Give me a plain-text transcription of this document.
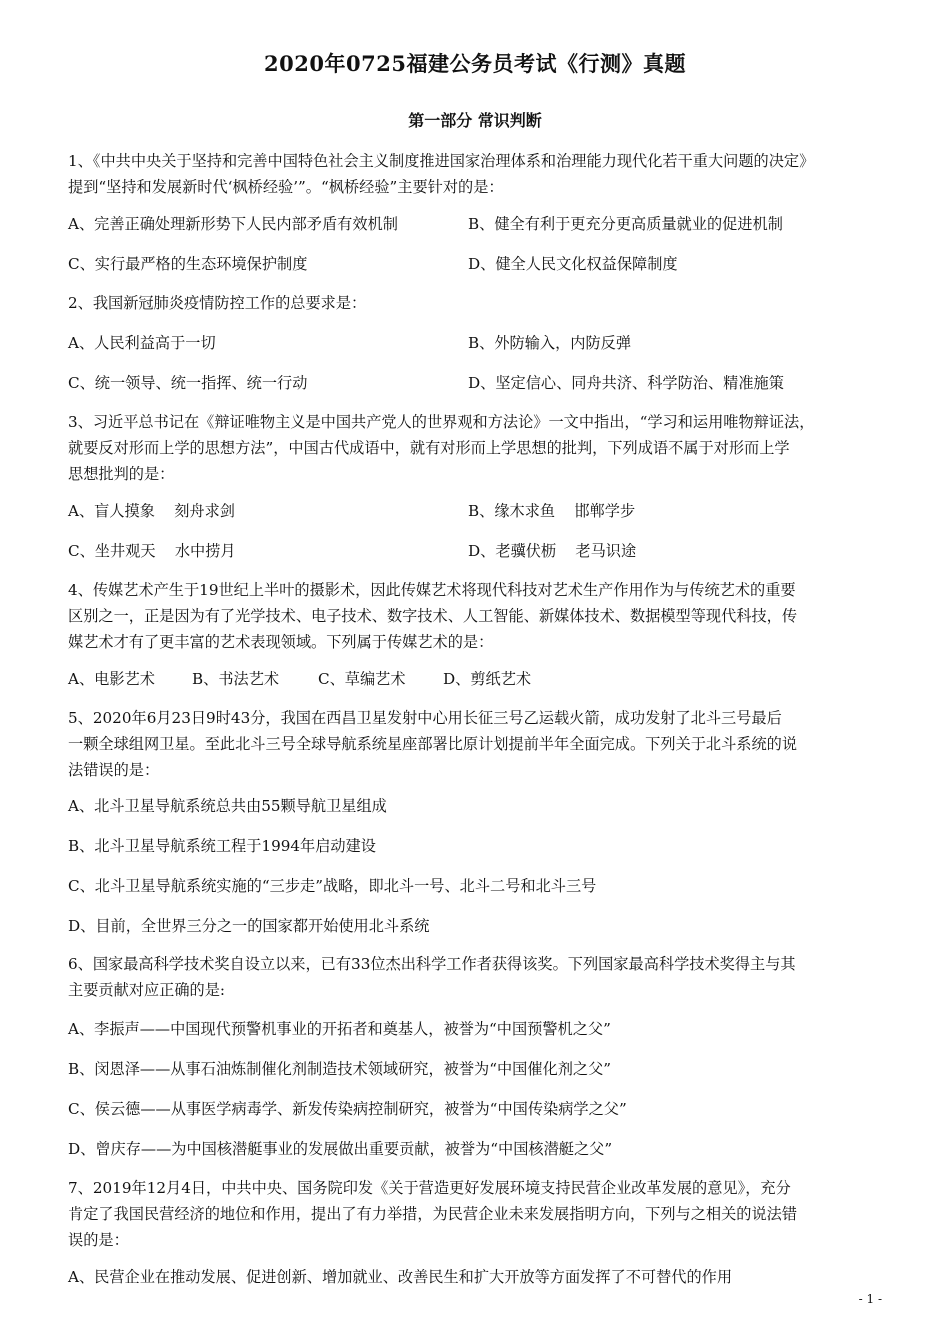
2020年0725福建公务员考试《行测》真题
第一部分 常识判断
1、《中共中央关于坚持和完善中国特色社会主义制度推进国家治理体系和治理能力现代化若干重大问题的决定》
提到“坚持和发展新时代‘枫桥经验’”。“枫桥经验”主要针对的是：
A、完善正确处理新形势下人民内部矛盾有效机制	B、健全有利于更充分更高质量就业的促进机制
C、实行最严格的生态环境保护制度	D、健全人民文化权益保障制度
2、我国新冠肺炎疫情防控工作的总要求是：
A、人民利益高于一切	B、外防输入，内防反弹
C、统一领导、统一指挥、统一行动	D、坚定信心、同舟共济、科学防治、精准施策
3、习近平总书记在《辩证唯物主义是中国共产党人的世界观和方法论》一文中指出，“学习和运用唯物辩证法，
就要反对形而上学的思想方法”，中国古代成语中，就有对形而上学思想的批判，下列成语不属于对形而上学
思想批判的是：
A、盲人摸象    刻舟求剑	B、缘木求鱼    邯郸学步
C、坐井观天    水中捞月	D、老骥伏枥    老马识途
4、传媒艺术产生于19世纪上半叶的摄影术，因此传媒艺术将现代科技对艺术生产作用作为与传统艺术的重要
区别之一，正是因为有了光学技术、电子技术、数字技术、人工智能、新媒体技术、数据模型等现代科技，传
媒艺术才有了更丰富的艺术表现领域。下列属于传媒艺术的是：
A、电影艺术 B、书法艺术	C、草编艺术 D、剪纸艺术
5、2020年6月23日9时43分，我国在西昌卫星发射中心用长征三号乙运载火箭，成功发射了北斗三号最后
一颗全球组网卫星。至此北斗三号全球导航系统星座部署比原计划提前半年全面完成。下列关于北斗系统的说
法错误的是：
A、北斗卫星导航系统总共由55颗导航卫星组成
B、北斗卫星导航系统工程于1994年启动建设
C、北斗卫星导航系统实施的“三步走”战略，即北斗一号、北斗二号和北斗三号
D、目前，全世界三分之一的国家都开始使用北斗系统
6、国家最高科学技术奖自设立以来，已有33位杰出科学工作者获得该奖。下列国家最高科学技术奖得主与其
主要贡献对应正确的是:
A、李振声——中国现代预警机事业的开拓者和奠基人，被誉为“中国预警机之父”
B、闵恩泽——从事石油炼制催化剂制造技术领域研究，被誉为“中国催化剂之父”
C、侯云德——从事医学病毒学、新发传染病控制研究，被誉为“中国传染病学之父”
D、曾庆存——为中国核潜艇事业的发展做出重要贡献，被誉为“中国核潜艇之父”
7、2019年12月4日，中共中央、国务院印发《关于营造更好发展环境支持民营企业改革发展的意见》，充分
肯定了我国民营经济的地位和作用，提出了有力举措，为民营企业未来发展指明方向，下列与之相关的说法错
误的是：
A、民营企业在推动发展、促进创新、增加就业、改善民生和扩大开放等方面发挥了不可替代的作用
- 1 -
